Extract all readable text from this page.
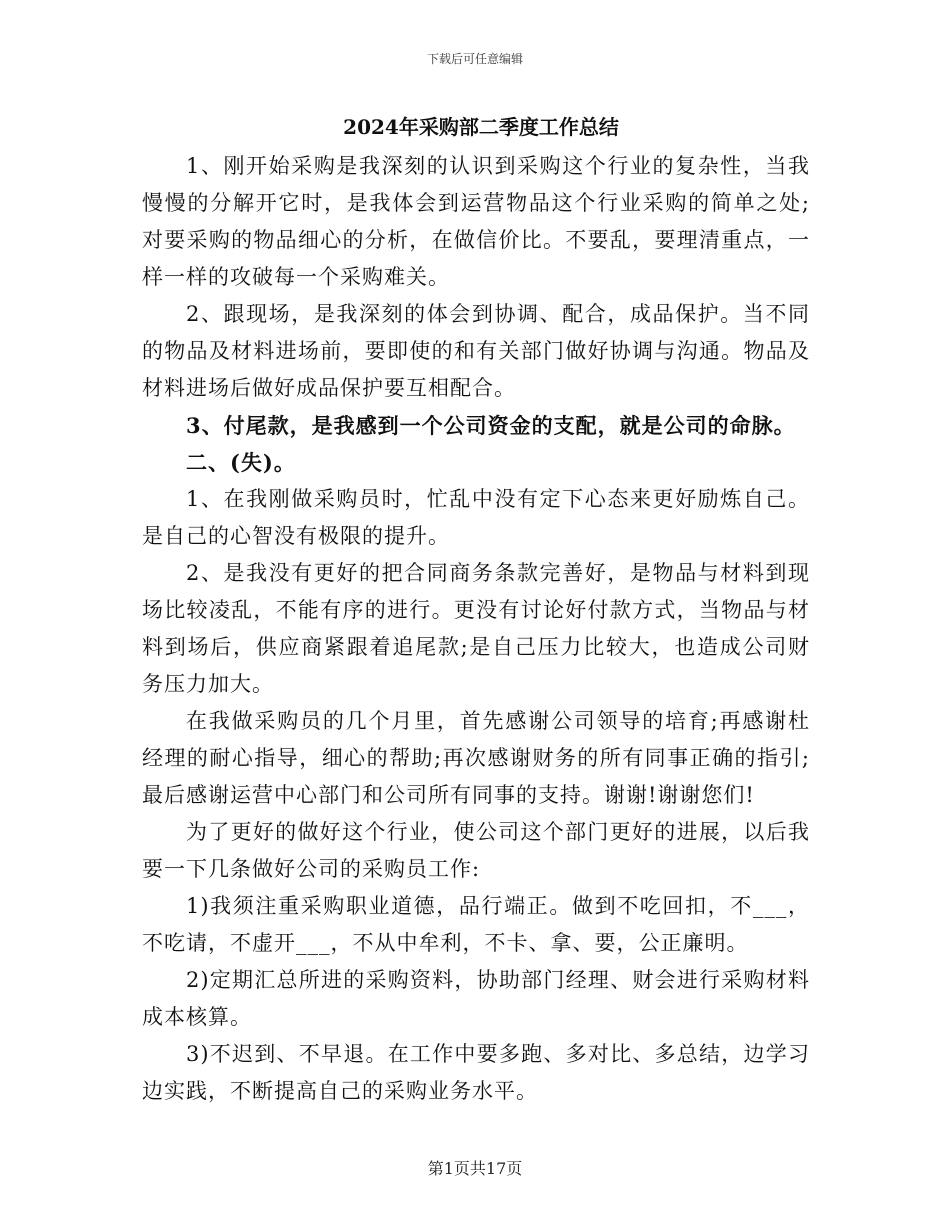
下载后可任意编辑
2024年采购部二季度工作总结

1、刚开始采购是我深刻的认识到采购这个行业的复杂性，当我慢慢的分解开它时，是我体会到运营物品这个行业采购的简单之处;对要采购的物品细心的分析，在做信价比。不要乱，要理清重点，一样一样的攻破每一个采购难关。

2、跟现场，是我深刻的体会到协调、配合，成品保护。当不同的物品及材料进场前，要即使的和有关部门做好协调与沟通。物品及材料进场后做好成品保护要互相配合。

3、付尾款，是我感到一个公司资金的支配，就是公司的命脉。

二、(失)。

1、在我刚做采购员时，忙乱中没有定下心态来更好励炼自己。是自己的心智没有极限的提升。

2、是我没有更好的把合同商务条款完善好，是物品与材料到现场比较凌乱，不能有序的进行。更没有讨论好付款方式，当物品与材料到场后，供应商紧跟着追尾款;是自己压力比较大，也造成公司财务压力加大。

在我做采购员的几个月里，首先感谢公司领导的培育;再感谢杜经理的耐心指导，细心的帮助;再次感谢财务的所有同事正确的指引;最后感谢运营中心部门和公司所有同事的支持。谢谢!谢谢您们!

为了更好的做好这个行业，使公司这个部门更好的进展，以后我要一下几条做好公司的采购员工作:

1)我须注重采购职业道德，品行端正。做到不吃回扣，不___，不吃请，不虚开___，不从中牟利，不卡、拿、要，公正廉明。

2)定期汇总所进的采购资料，协助部门经理、财会进行采购材料成本核算。

3)不迟到、不早退。在工作中要多跑、多对比、多总结，边学习边实践，不断提高自己的采购业务水平。

第1页共17页
